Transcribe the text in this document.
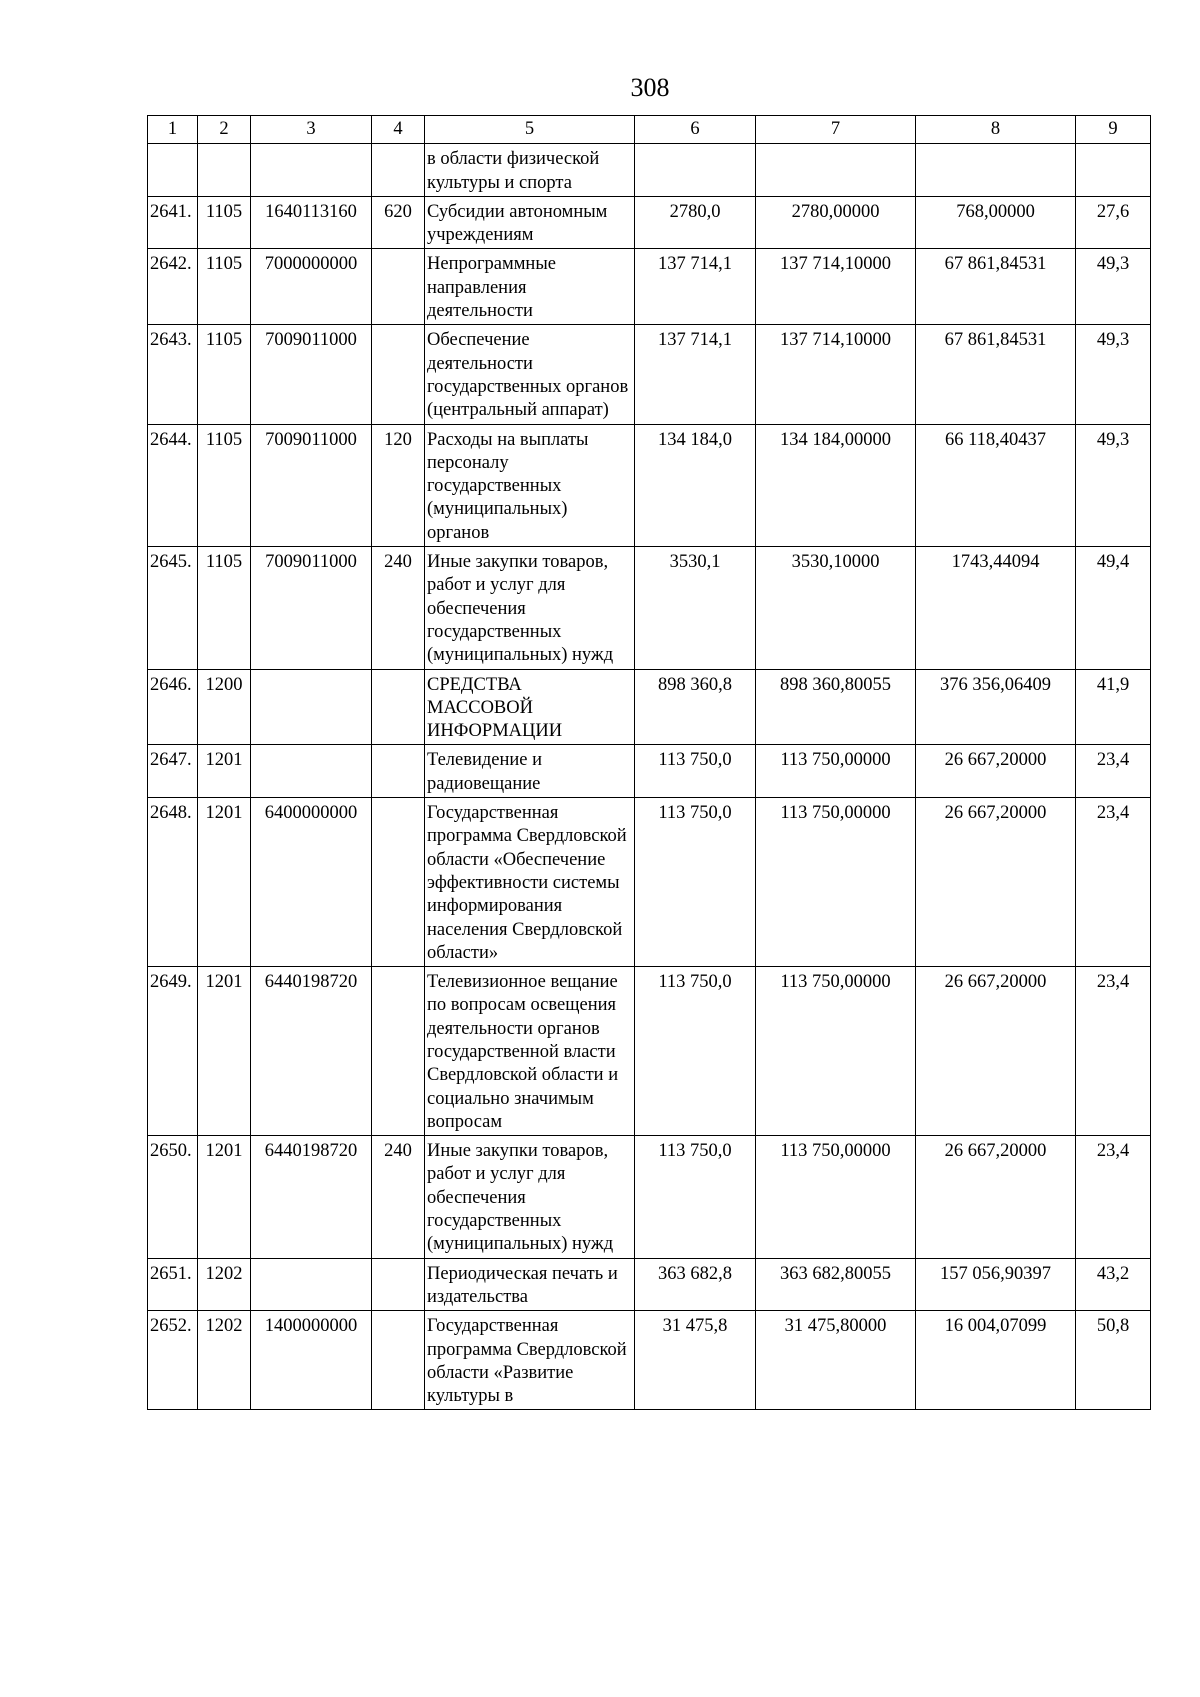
308
1	2	3	4	5	6	7	8	9
				в области физической культуры и спорта				
2641.	1105	1640113160	620	Субсидии автономным учреждениям	2780,0	2780,00000	768,00000	27,6
2642.	1105	7000000000		Непрограммные направления деятельности	137 714,1	137 714,10000	67 861,84531	49,3
2643.	1105	7009011000		Обеспечение деятельности государственных органов (центральный аппарат)	137 714,1	137 714,10000	67 861,84531	49,3
2644.	1105	7009011000	120	Расходы на выплаты персоналу государственных (муниципальных) органов	134 184,0	134 184,00000	66 118,40437	49,3
2645.	1105	7009011000	240	Иные закупки товаров, работ и услуг для обеспечения государственных (муниципальных) нужд	3530,1	3530,10000	1743,44094	49,4
2646.	1200			СРЕДСТВА МАССОВОЙ ИНФОРМАЦИИ	898 360,8	898 360,80055	376 356,06409	41,9
2647.	1201			Телевидение и радиовещание	113 750,0	113 750,00000	26 667,20000	23,4
2648.	1201	6400000000		Государственная программа Свердловской области «Обеспечение эффективности системы информирования населения Свердловской области»	113 750,0	113 750,00000	26 667,20000	23,4
2649.	1201	6440198720		Телевизионное вещание по вопросам освещения деятельности органов государственной власти Свердловской области и социально значимым вопросам	113 750,0	113 750,00000	26 667,20000	23,4
2650.	1201	6440198720	240	Иные закупки товаров, работ и услуг для обеспечения государственных (муниципальных) нужд	113 750,0	113 750,00000	26 667,20000	23,4
2651.	1202			Периодическая печать и издательства	363 682,8	363 682,80055	157 056,90397	43,2
2652.	1202	1400000000		Государственная программа Свердловской области «Развитие культуры в	31 475,8	31 475,80000	16 004,07099	50,8
